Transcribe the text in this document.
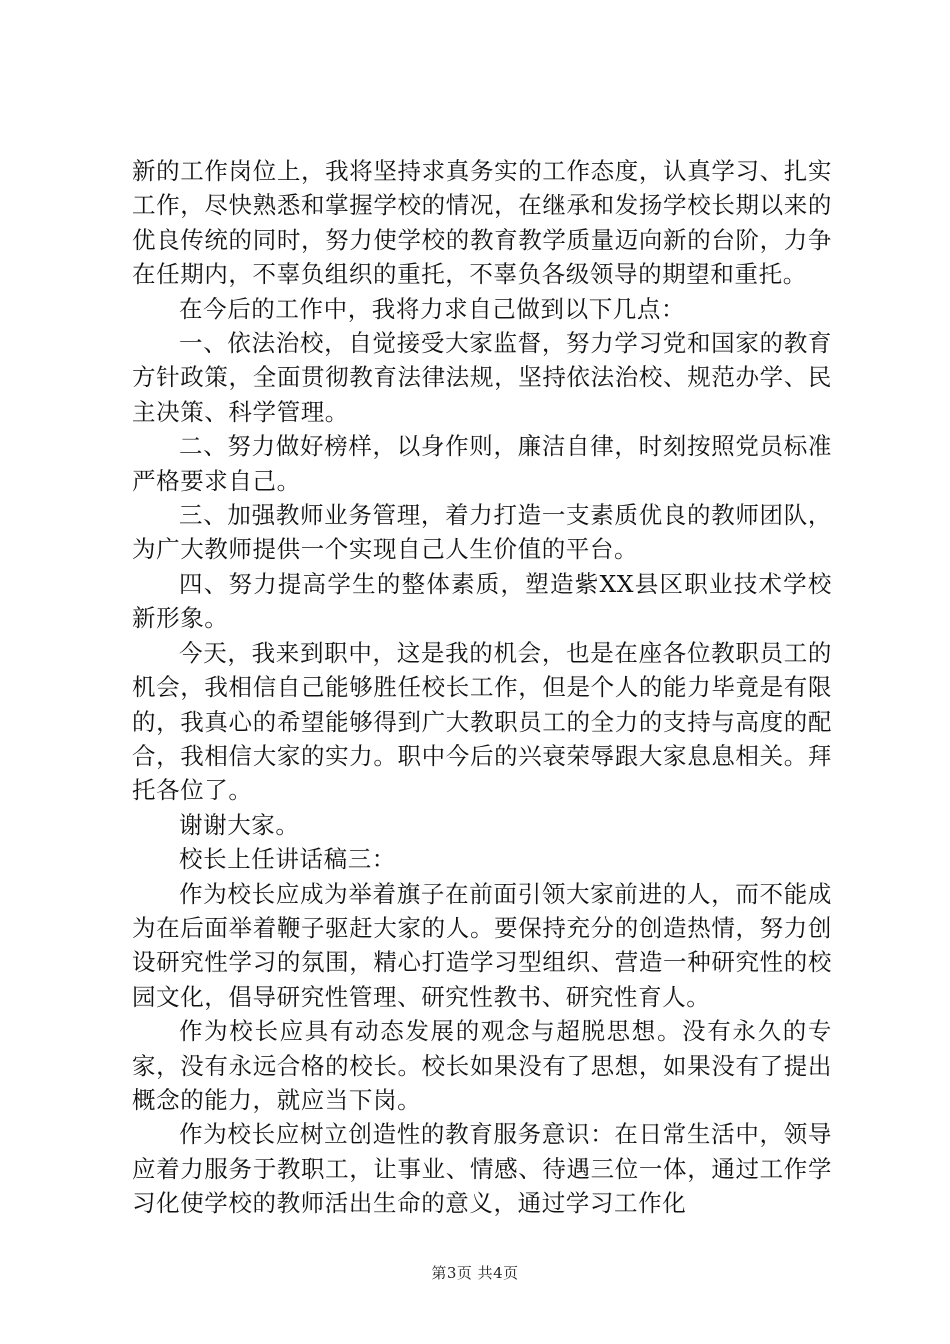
新的工作岗位上，我将坚持求真务实的工作态度，认真学习、扎实工作，尽快熟悉和掌握学校的情况，在继承和发扬学校长期以来的优良传统的同时，努力使学校的教育教学质量迈向新的台阶，力争在任期内，不辜负组织的重托，不辜负各级领导的期望和重托。

在今后的工作中，我将力求自己做到以下几点：

一、依法治校，自觉接受大家监督，努力学习党和国家的教育方针政策，全面贯彻教育法律法规，坚持依法治校、规范办学、民主决策、科学管理。

二、努力做好榜样，以身作则，廉洁自律，时刻按照党员标准严格要求自己。

三、加强教师业务管理，着力打造一支素质优良的教师团队，为广大教师提供一个实现自己人生价值的平台。

四、努力提高学生的整体素质，塑造紫XX县区职业技术学校新形象。

今天，我来到职中，这是我的机会，也是在座各位教职员工的机会，我相信自己能够胜任校长工作，但是个人的能力毕竟是有限的，我真心的希望能够得到广大教职员工的全力的支持与高度的配合，我相信大家的实力。职中今后的兴衰荣辱跟大家息息相关。拜托各位了。

谢谢大家。

校长上任讲话稿三：

作为校长应成为举着旗子在前面引领大家前进的人，而不能成为在后面举着鞭子驱赶大家的人。要保持充分的创造热情，努力创设研究性学习的氛围，精心打造学习型组织、营造一种研究性的校园文化，倡导研究性管理、研究性教书、研究性育人。

作为校长应具有动态发展的观念与超脱思想。没有永久的专家，没有永远合格的校长。校长如果没有了思想，如果没有了提出概念的能力，就应当下岗。

作为校长应树立创造性的教育服务意识：在日常生活中，领导应着力服务于教职工，让事业、情感、待遇三位一体，通过工作学习化使学校的教师活出生命的意义，通过学习工作化

第3页 共4页
